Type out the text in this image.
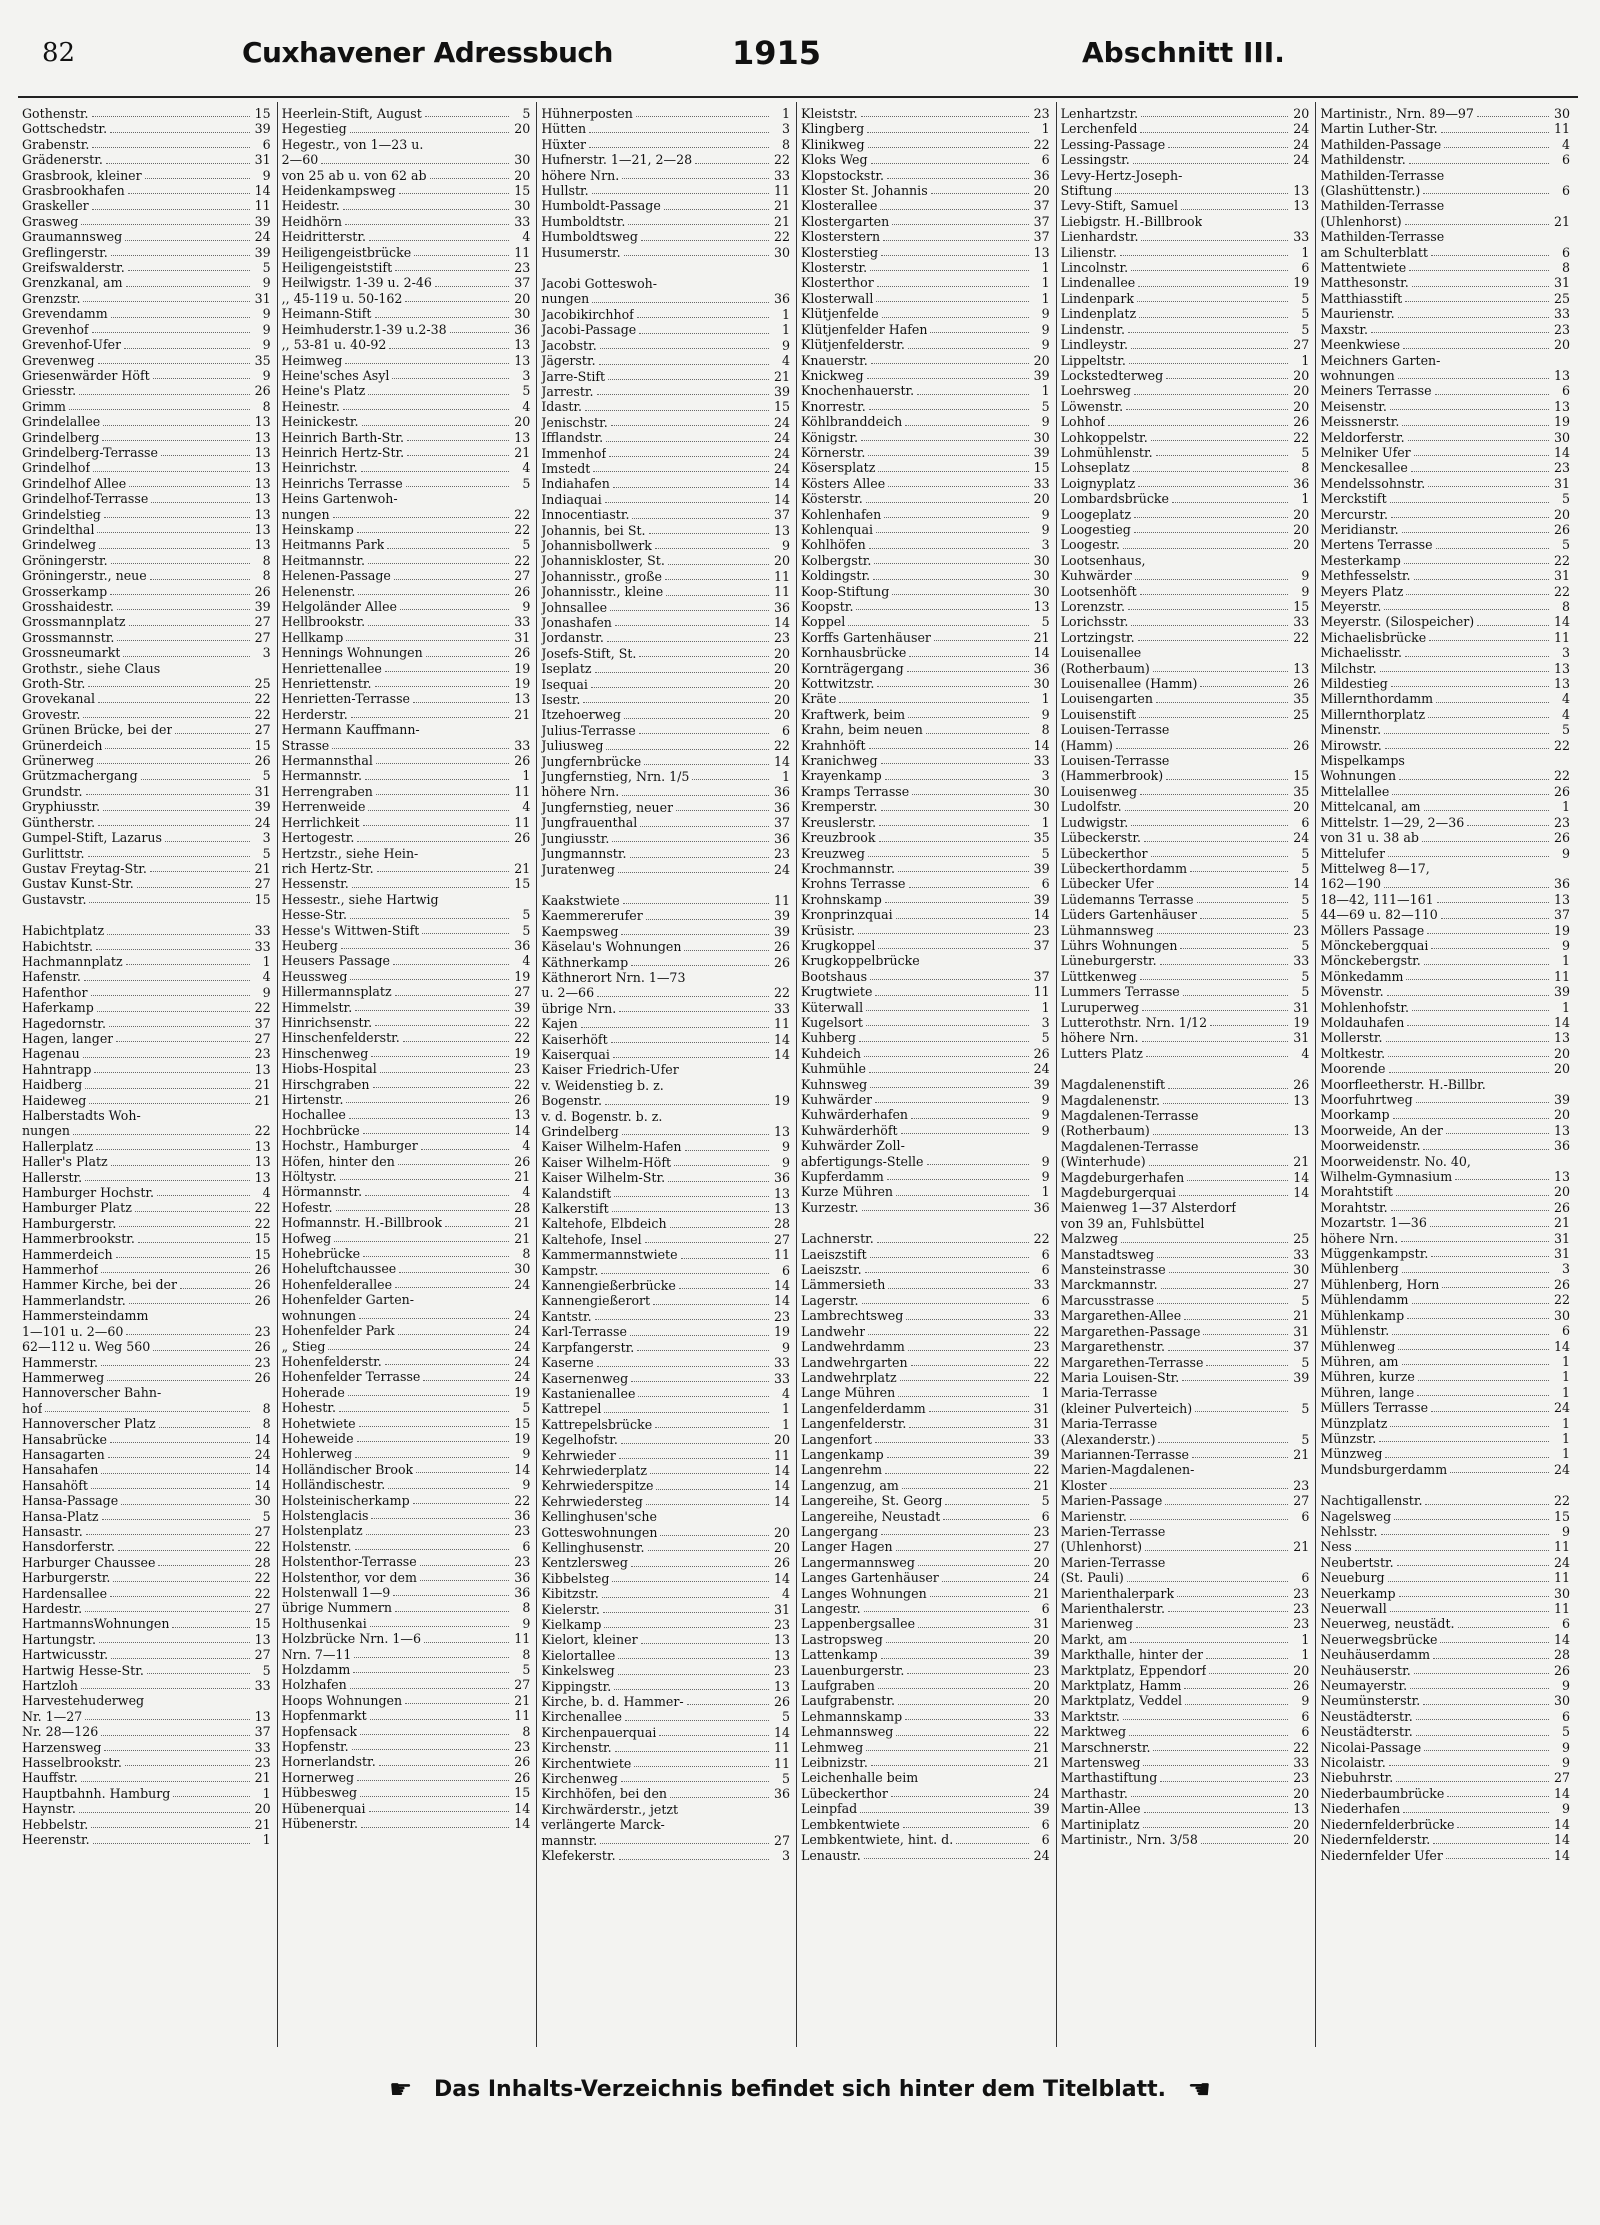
82	Cuxhavener Adressbuch	1915	Abschnitt III.
Gothenstr.	15
Gottschedstr.	39
Grabenstr.	6
Grädenerstr.	31
Grasbrook, kleiner	9
Grasbrookhafen	14
Graskeller	11
Grasweg	39
Graumannsweg	24
Greflingerstr.	39
Greifswalderstr.	5
Grenzkanal, am	9
Grenzstr.	31
Grevendamm	9
Grevenhof	9
Grevenhof-Ufer	9
Grevenweg	35
Griesenwärder Höft	9
Griesstr.	26
Grimm	8
Grindelallee	13
Grindelberg	13
Grindelberg-Terrasse	13
Grindelhof	13
Grindelhof Allee	13
Grindelhof-Terrasse	13
Grindelstieg	13
Grindelthal	13
Grindelweg	13
Gröningerstr.	8
Gröningerstr., neue	8
Grosserkamp	26
Grosshaidestr.	39
Grossmannplatz	27
Grossmannstr.	27
Grossneumarkt	3
Grothstr., siehe Claus
Groth-Str.	25
Grovekanal	22
Grovestr.	22
Grünen Brücke, bei der	27
Grünerdeich	15
Grünerweg	26
Grützmachergang	5
Grundstr.	31
Gryphiusstr.	39
Güntherstr.	24
Gumpel-Stift, Lazarus	3
Gurlittstr.	5
Gustav Freytag-Str.	21
Gustav Kunst-Str.	27
Gustavstr.	15
Habichtplatz	33
Habichtstr.	33
Hachmannplatz	1
Hafenstr.	4
Hafenthor	9
Haferkamp	22
Hagedornstr.	37
Hagen, langer	27
Hagenau	23
Hahntrapp	13
Haidberg	21
Haideweg	21
Halberstadts Woh-
nungen	22
Hallerplatz	13
Haller's Platz	13
Hallerstr.	13
Hamburger Hochstr.	4
Hamburger Platz	22
Hamburgerstr.	22
Hammerbrookstr.	15
Hammerdeich	15
Hammerhof	26
Hammer Kirche, bei der	26
Hammerlandstr.	26
Hammersteindamm
1—101 u. 2—60	23
62—112 u. Weg 560	26
Hammerstr.	23
Hammerweg	26
Hannoverscher Bahn-
hof	8
Hannoverscher Platz	8
Hansabrücke	14
Hansagarten	24
Hansahafen	14
Hansahöft	14
Hansa-Passage	30
Hansa-Platz	5
Hansastr.	27
Hansdorferstr.	22
Harburger Chaussee	28
Harburgerstr.	22
Hardensallee	22
Hardestr.	27
HartmannsWohnungen	15
Hartungstr.	13
Hartwicusstr.	27
Hartwig Hesse-Str.	5
Hartzloh	33
Harvestehuderweg
Nr. 1—27	13
Nr. 28—126	37
Harzensweg	33
Hasselbrookstr.	23
Hauffstr.	21
Hauptbahnh. Hamburg	1
Haynstr.	20
Hebbelstr.	21
Heerenstr.	1
Heerlein-Stift, August	5
Hegestieg	20
Hegestr., von 1—23 u.
2—60	30
von 25 ab u. von 62 ab	20
Heidenkampsweg	15
Heidestr.	30
Heidhörn	33
Heidritterstr.	4
Heiligengeistbrücke	11
Heiligengeiststift	23
Heilwigstr. 1-39 u. 2-46	37
,, 45-119 u. 50-162	20
Heimann-Stift	30
Heimhuderstr.1-39 u.2-38	36
,, 53-81 u. 40-92	13
Heimweg	13
Heine'sches Asyl	3
Heine's Platz	5
Heinestr.	4
Heinickestr.	20
Heinrich Barth-Str.	13
Heinrich Hertz-Str.	21
Heinrichstr.	4
Heinrichs Terrasse	5
Heins Gartenwoh-
nungen	22
Heinskamp	22
Heitmanns Park	5
Heitmannstr.	22
Helenen-Passage	27
Helenenstr.	26
Helgoländer Allee	9
Hellbrookstr.	33
Hellkamp	31
Hennings Wohnungen	26
Henriettenallee	19
Henriettenstr.	19
Henrietten-Terrasse	13
Herderstr.	21
Hermann Kauffmann-
Strasse	33
Hermannsthal	26
Hermannstr.	1
Herrengraben	11
Herrenweide	4
Herrlichkeit	11
Hertogestr.	26
Hertzstr., siehe Hein-
rich Hertz-Str.	21
Hessenstr.	15
Hessestr., siehe Hartwig
Hesse-Str.	5
Hesse's Wittwen-Stift	5
Heuberg	36
Heusers Passage	4
Heussweg	19
Hillermannsplatz	27
Himmelstr.	39
Hinrichsenstr.	22
Hinschenfelderstr.	22
Hinschenweg	19
Hiobs-Hospital	23
Hirschgraben	22
Hirtenstr.	26
Hochallee	13
Hochbrücke	14
Hochstr., Hamburger	4
Höfen, hinter den	26
Höltystr.	21
Hörmannstr.	4
Hofestr.	28
Hofmannstr. H.-Billbrook	21
Hofweg	21
Hohebrücke	8
Hoheluftchaussee	30
Hohenfelderallee	24
Hohenfelder Garten-
wohnungen	24
Hohenfelder Park	24
„ Stieg	24
Hohenfelderstr.	24
Hohenfelder Terrasse	24
Hoherade	19
Hohestr.	5
Hohetwiete	15
Hoheweide	19
Hohlerweg	9
Holländischer Brook	14
Holländischestr.	9
Holsteinischerkamp	22
Holstenglacis	36
Holstenplatz	23
Holstenstr.	6
Holstenthor-Terrasse	23
Holstenthor, vor dem	36
Holstenwall 1—9	36
übrige Nummern	8
Holthusenkai	9
Holzbrücke Nrn. 1—6	11
Nrn. 7—11	8
Holzdamm	5
Holzhafen	27
Hoops Wohnungen	21
Hopfenmarkt	11
Hopfensack	8
Hopfenstr.	23
Hornerlandstr.	26
Hornerweg	26
Hübbesweg	15
Hübenerquai	14
Hübenerstr.	14
Hühnerposten	1
Hütten	3
Hüxter	8
Hufnerstr. 1—21, 2—28	22
höhere Nrn.	33
Hullstr.	11
Humboldt-Passage	21
Humboldtstr.	21
Humboldtsweg	22
Husumerstr.	30
Jacobi Gotteswoh-
nungen	36
Jacobikirchhof	1
Jacobi-Passage	1
Jacobstr.	9
Jägerstr.	4
Jarre-Stift	21
Jarrestr.	39
Idastr.	15
Jenischstr.	24
Ifflandstr.	24
Immenhof	24
Imstedt	24
Indiahafen	14
Indiaquai	14
Innocentiastr.	37
Johannis, bei St.	13
Johannisbollwerk	9
Johanniskloster, St.	20
Johannisstr., große	11
Johannisstr., kleine	11
Johnsallee	36
Jonashafen	14
Jordanstr.	23
Josefs-Stift, St.	20
Iseplatz	20
Isequai	20
Isestr.	20
Itzehoerweg	20
Julius-Terrasse	6
Juliusweg	22
Jungfernbrücke	14
Jungfernstieg, Nrn. 1/5	1
höhere Nrn.	36
Jungfernstieg, neuer	36
Jungfrauenthal	37
Jungiusstr.	36
Jungmannstr.	23
Juratenweg	24
Kaakstwiete	11
Kaemmererufer	39
Kaempsweg	39
Käselau's Wohnungen	26
Käthnerkamp	26
Käthnerort Nrn. 1—73
u. 2—66	22
übrige Nrn.	33
Kajen	11
Kaiserhöft	14
Kaiserquai	14
Kaiser Friedrich-Ufer
v. Weidenstieg b. z.
Bogenstr.	19
v. d. Bogenstr. b. z.
Grindelberg	13
Kaiser Wilhelm-Hafen	9
Kaiser Wilhelm-Höft	9
Kaiser Wilhelm-Str.	36
Kalandstift	13
Kalkerstift	13
Kaltehofe, Elbdeich	28
Kaltehofe, Insel	27
Kammermannstwiete	11
Kampstr.	6
Kannengießerbrücke	14
Kannengießerort	14
Kantstr.	23
Karl-Terrasse	19
Karpfangerstr.	9
Kaserne	33
Kasernenweg	33
Kastanienallee	4
Kattrepel	1
Kattrepelsbrücke	1
Kegelhofstr.	20
Kehrwieder	11
Kehrwiederplatz	14
Kehrwiederspitze	14
Kehrwiedersteg	14
Kellinghusen'sche
Gotteswohnungen	20
Kellinghusenstr.	20
Kentzlersweg	26
Kibbelsteg	14
Kibitzstr.	4
Kielerstr.	31
Kielkamp	23
Kielort, kleiner	13
Kielortallee	13
Kinkelsweg	23
Kippingstr.	13
Kirche, b. d. Hammer-	26
Kirchenallee	5
Kirchenpauerquai	14
Kirchenstr.	11
Kirchentwiete	11
Kirchenweg	5
Kirchhöfen, bei den	36
Kirchwärderstr., jetzt
verlängerte Marck-
mannstr.	27
Klefekerstr.	3
Kleiststr.	23
Klingberg	1
Klinikweg	22
Kloks Weg	6
Klopstockstr.	36
Kloster St. Johannis	20
Klosterallee	37
Klostergarten	37
Klosterstern	37
Klosterstieg	13
Klosterstr.	1
Klosterthor	1
Klosterwall	1
Klütjenfelde	9
Klütjenfelder Hafen	9
Klütjenfelderstr.	9
Knauerstr.	20
Knickweg	39
Knochenhauerstr.	1
Knorrestr.	5
Köhlbranddeich	9
Königstr.	30
Körnerstr.	39
Kösersplatz	15
Kösters Allee	33
Kösterstr.	20
Kohlenhafen	9
Kohlenquai	9
Kohlhöfen	3
Kolbergstr.	30
Koldingstr.	30
Koop-Stiftung	30
Koopstr.	13
Koppel	5
Korffs Gartenhäuser	21
Kornhausbrücke	14
Kornträgergang	36
Kottwitzstr.	30
Kräte	1
Kraftwerk, beim	9
Krahn, beim neuen	8
Krahnhöft	14
Kranichweg	33
Krayenkamp	3
Kramps Terrasse	30
Kremperstr.	30
Kreuslerstr.	1
Kreuzbrook	35
Kreuzweg	5
Krochmannstr.	39
Krohns Terrasse	6
Krohnskamp	39
Kronprinzquai	14
Krüsistr.	23
Krugkoppel	37
Krugkoppelbrücke
Bootshaus	37
Krugtwiete	11
Küterwall	1
Kugelsort	3
Kuhberg	5
Kuhdeich	26
Kuhmühle	24
Kuhnsweg	39
Kuhwärder	9
Kuhwärderhafen	9
Kuhwärderhöft	9
Kuhwärder Zoll-
abfertigungs-Stelle	9
Kupferdamm	9
Kurze Mühren	1
Kurzestr.	36
Lachnerstr.	22
Laeiszstift	6
Laeiszstr.	6
Lämmersieth	33
Lagerstr.	6
Lambrechtsweg	33
Landwehr	22
Landwehrdamm	23
Landwehrgarten	22
Landwehrplatz	22
Lange Mühren	1
Langenfelderdamm	31
Langenfelderstr.	31
Langenfort	33
Langenkamp	39
Langenrehm	22
Langenzug, am	21
Langereihe, St. Georg	5
Langereihe, Neustadt	6
Langergang	23
Langer Hagen	27
Langermannsweg	20
Langes Gartenhäuser	24
Langes Wohnungen	21
Langestr.	6
Lappenbergsallee	31
Lastropsweg	20
Lattenkamp	39
Lauenburgerstr.	23
Laufgraben	20
Laufgrabenstr.	20
Lehmannskamp	33
Lehmannsweg	22
Lehmweg	21
Leibnizstr.	21
Leichenhalle beim
Lübeckerthor	24
Leinpfad	39
Lembkentwiete	6
Lembkentwiete, hint. d.	6
Lenaustr.	24
Lenhartzstr.	20
Lerchenfeld	24
Lessing-Passage	24
Lessingstr.	24
Levy-Hertz-Joseph-
Stiftung	13
Levy-Stift, Samuel	13
Liebigstr. H.-Billbrook
Lienhardstr.	33
Lilienstr.	1
Lincolnstr.	6
Lindenallee	19
Lindenpark	5
Lindenplatz	5
Lindenstr.	5
Lindleystr.	27
Lippeltstr.	1
Lockstedterweg	20
Loehrsweg	20
Löwenstr.	20
Lohhof	26
Lohkoppelstr.	22
Lohmühlenstr.	5
Lohseplatz	8
Loignyplatz	36
Lombardsbrücke	1
Loogeplatz	20
Loogestieg	20
Loogestr.	20
Lootsenhaus,
Kuhwärder	9
Lootsenhöft	9
Lorenzstr.	15
Lorichsstr.	33
Lortzingstr.	22
Louisenallee
(Rotherbaum)	13
Louisenallee (Hamm)	26
Louisengarten	35
Louisenstift	25
Louisen-Terrasse
(Hamm)	26
Louisen-Terrasse
(Hammerbrook)	15
Louisenweg	35
Ludolfstr.	20
Ludwigstr.	6
Lübeckerstr.	24
Lübeckerthor	5
Lübeckerthordamm	5
Lübecker Ufer	14
Lüdemanns Terrasse	5
Lüders Gartenhäuser	5
Lühmannsweg	23
Lührs Wohnungen	5
Lüneburgerstr.	33
Lüttkenweg	5
Lummers Terrasse	5
Luruperweg	31
Lutterothstr. Nrn. 1/12	19
höhere Nrn.	31
Lutters Platz	4
Magdalenenstift	26
Magdalenenstr.	13
Magdalenen-Terrasse
(Rotherbaum)	13
Magdalenen-Terrasse
(Winterhude)	21
Magdeburgerhafen	14
Magdeburgerquai	14
Maienweg 1—37 Alsterdorf
von 39 an, Fuhlsbüttel
Malzweg	25
Manstadtsweg	33
Mansteinstrasse	30
Marckmannstr.	27
Marcusstrasse	5
Margarethen-Allee	21
Margarethen-Passage	31
Margarethenstr.	37
Margarethen-Terrasse	5
Maria Louisen-Str.	39
Maria-Terrasse
(kleiner Pulverteich)	5
Maria-Terrasse
(Alexanderstr.)	5
Mariannen-Terrasse	21
Marien-Magdalenen-
Kloster	23
Marien-Passage	27
Marienstr.	6
Marien-Terrasse
(Uhlenhorst)	21
Marien-Terrasse
(St. Pauli)	6
Marienthalerpark	23
Marienthalerstr.	23
Marienweg	23
Markt, am	1
Markthalle, hinter der	1
Marktplatz, Eppendorf	20
Marktplatz, Hamm	26
Marktplatz, Veddel	9
Marktstr.	6
Marktweg	6
Marschnerstr.	22
Martensweg	33
Marthastiftung	23
Marthastr.	20
Martin-Allee	13
Martiniplatz	20
Martinistr., Nrn. 3/58	20
Martinistr., Nrn. 89—97	30
Martin Luther-Str.	11
Mathilden-Passage	4
Mathildenstr.	6
Mathilden-Terrasse
(Glashüttenstr.)	6
Mathilden-Terrasse
(Uhlenhorst)	21
Mathilden-Terrasse
am Schulterblatt	6
Mattentwiete	8
Matthesonstr.	31
Matthiasstift	25
Maurienstr.	33
Maxstr.	23
Meenkwiese	20
Meichners Garten-
wohnungen	13
Meiners Terrasse	6
Meisenstr.	13
Meissnerstr.	19
Meldorferstr.	30
Melniker Ufer	14
Menckesallee	23
Mendelssohnstr.	31
Merckstift	5
Mercurstr.	20
Meridianstr.	26
Mertens Terrasse	5
Mesterkamp	22
Methfesselstr.	31
Meyers Platz	22
Meyerstr.	8
Meyerstr. (Silospeicher)	14
Michaelisbrücke	11
Michaelisstr.	3
Milchstr.	13
Mildestieg	13
Millernthordamm	4
Millernthorplatz	4
Minenstr.	5
Mirowstr.	22
Mispelkamps
Wohnungen	22
Mittelallee	26
Mittelcanal, am	1
Mittelstr. 1—29, 2—36	23
von 31 u. 38 ab	26
Mittelufer	9
Mittelweg 8—17,
162—190	36
18—42, 111—161	13
44—69 u. 82—110	37
Möllers Passage	19
Mönckebergquai	9
Mönckebergstr.	1
Mönkedamm	11
Mövenstr.	39
Mohlenhofstr.	1
Moldauhafen	14
Mollerstr.	13
Moltkestr.	20
Moorende	20
Moorfleetherstr. H.-Billbr.
Moorfuhrtweg	39
Moorkamp	20
Moorweide, An der	13
Moorweidenstr.	36
Moorweidenstr. No. 40,
Wilhelm-Gymnasium	13
Morahtstift	20
Morahtstr.	26
Mozartstr. 1—36	21
höhere Nrn.	31
Müggenkampstr.	31
Mühlenberg	3
Mühlenberg, Horn	26
Mühlendamm	22
Mühlenkamp	30
Mühlenstr.	6
Mühlenweg	14
Mühren, am	1
Mühren, kurze	1
Mühren, lange	1
Müllers Terrasse	24
Münzplatz	1
Münzstr.	1
Münzweg	1
Mundsburgerdamm	24
Nachtigallenstr.	22
Nagelsweg	15
Nehlsstr.	9
Ness	11
Neubertstr.	24
Neueburg	11
Neuerkamp	30
Neuerwall	11
Neuerweg, neustädt.	6
Neuerwegsbrücke	14
Neuhäuserdamm	28
Neuhäuserstr.	26
Neumayerstr.	9
Neumünsterstr.	30
Neustädterstr.	6
Neustädterstr.	5
Nicolai-Passage	9
Nicolaistr.	9
Niebuhrstr.	27
Niederbaumbrücke	14
Niederhafen	9
Niedernfelderbrücke	14
Niedernfelderstr.	14
Niedernfelder Ufer	14
☛ Das Inhalts-Verzeichnis befindet sich hinter dem Titelblatt. ☚
